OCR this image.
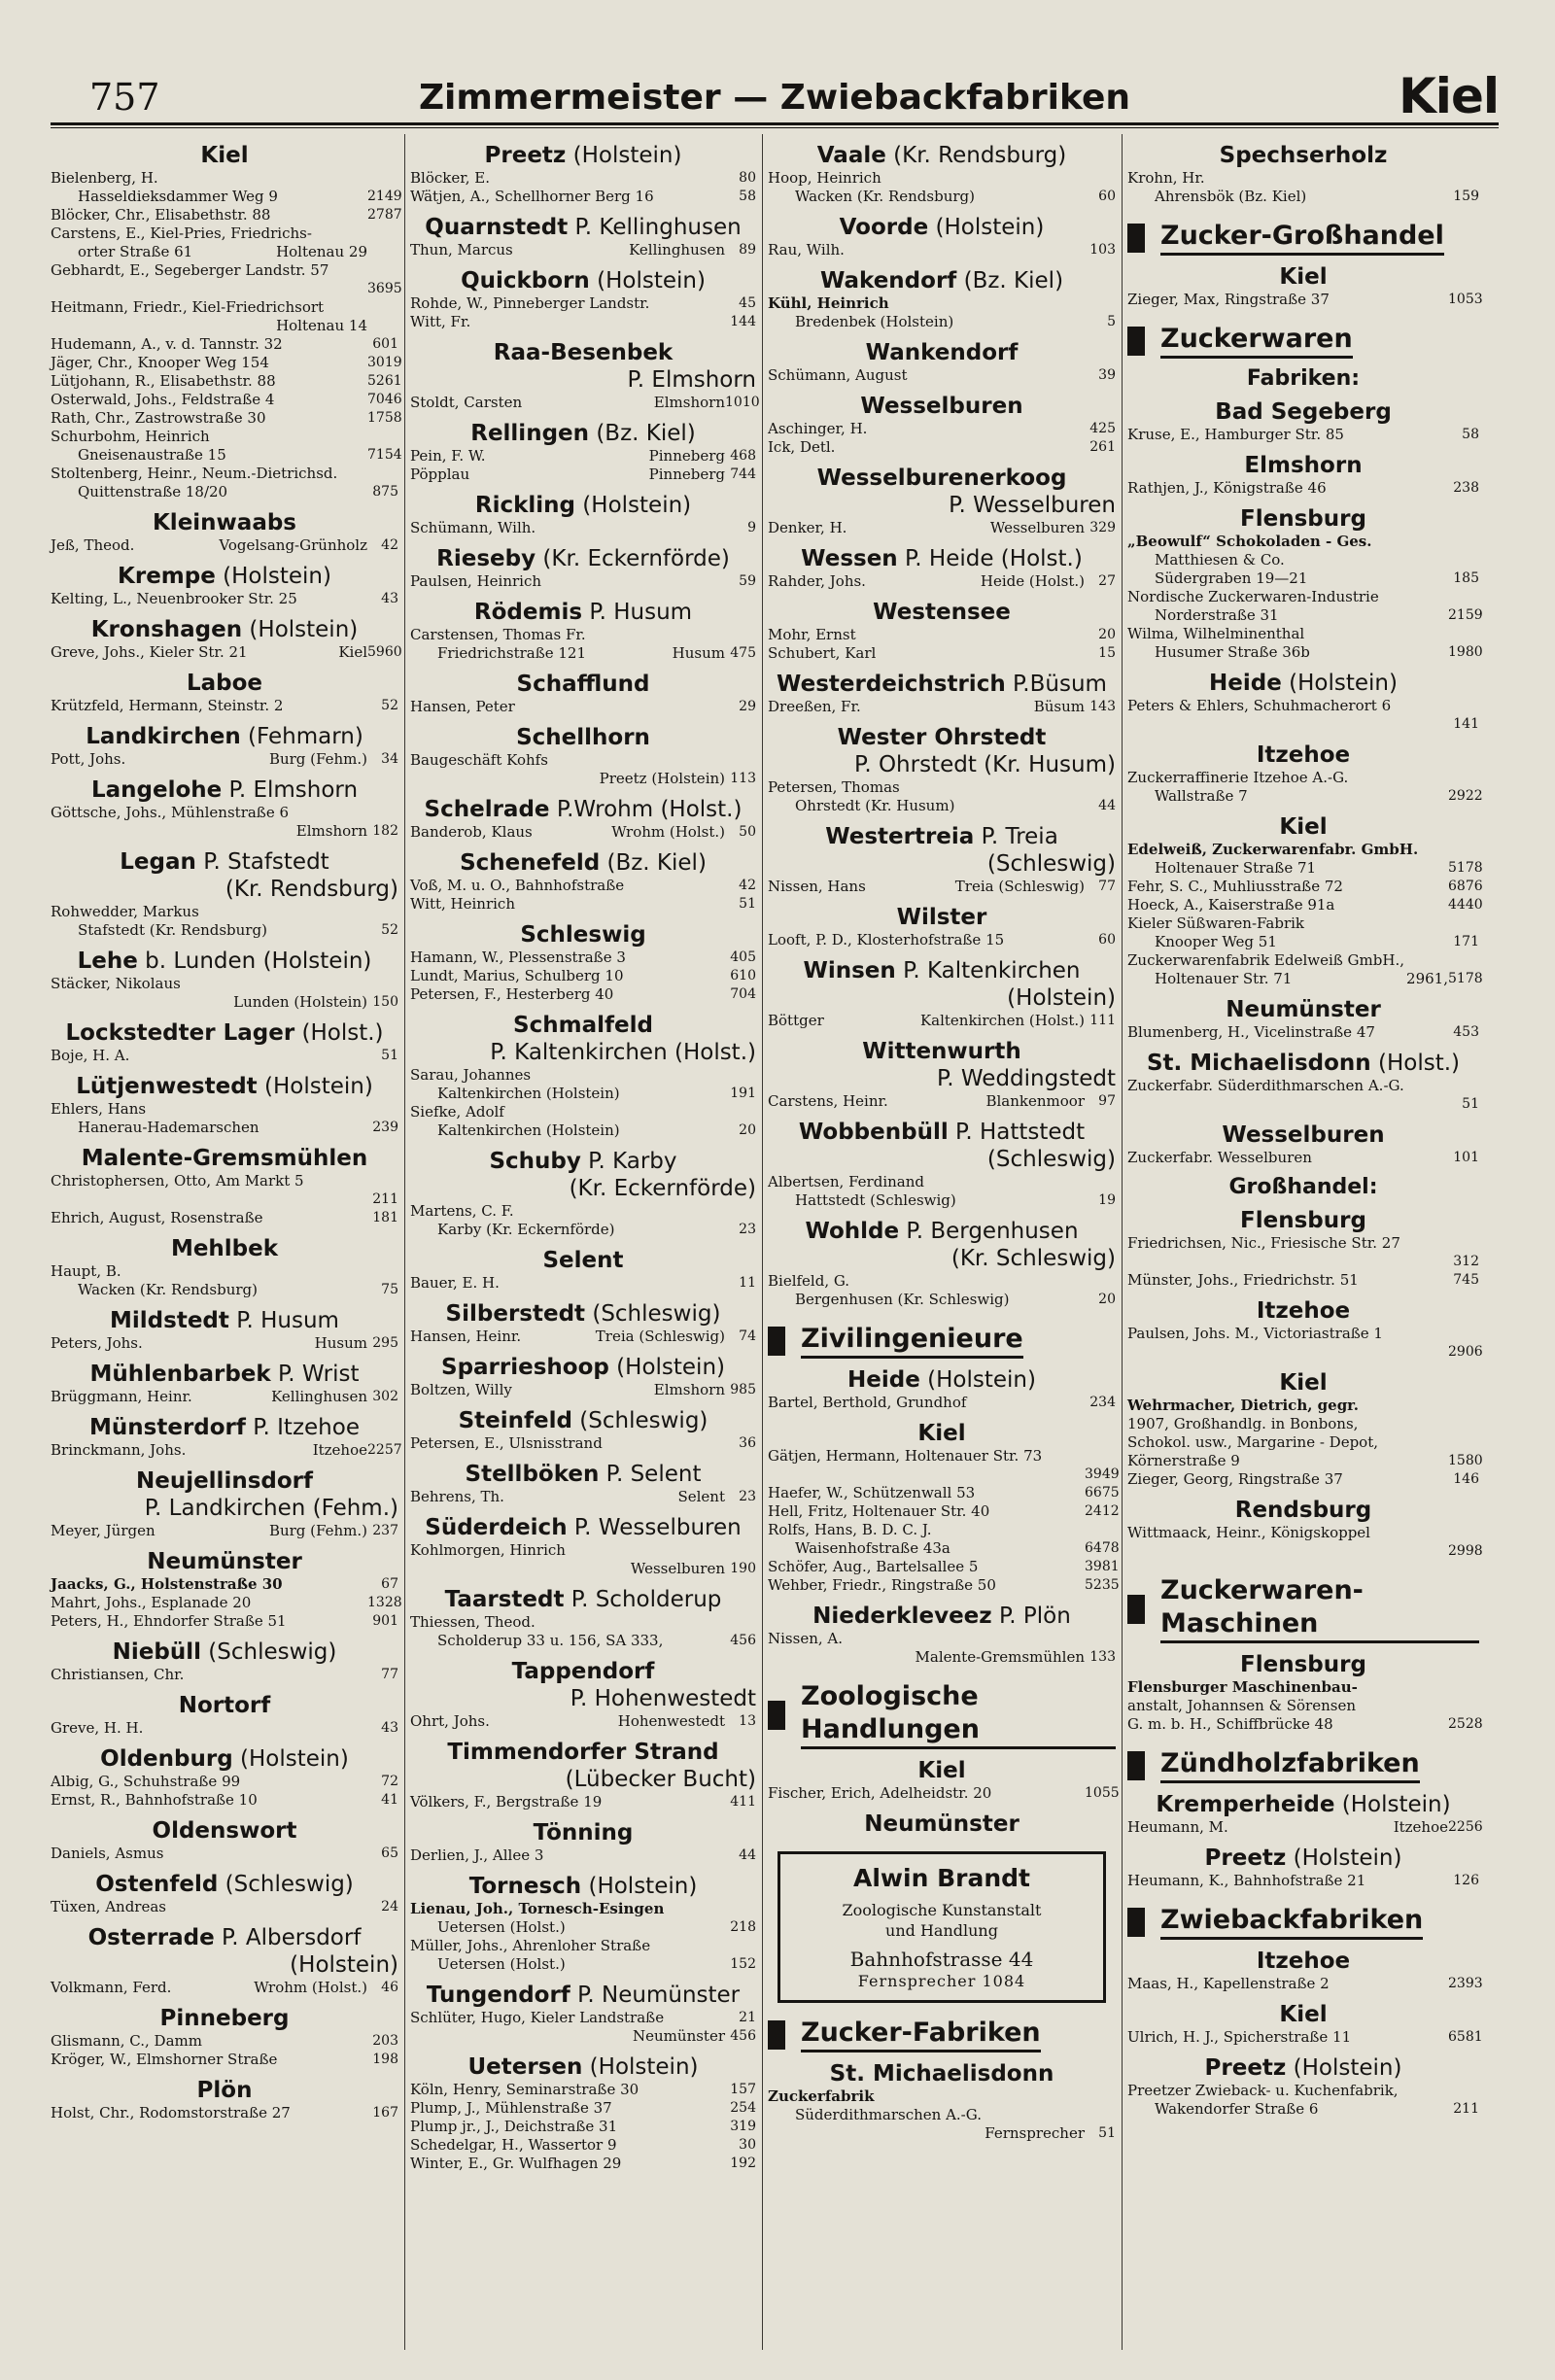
757	Zimmermeister — Zwiebackfabriken	Kiel
Kiel
Bielenberg, H.
Hasseldieksdammer Weg 9	2149
Blöcker, Chr., Elisabethstr. 88	2787
Carstens, E., Kiel-Pries, Friedrichs-
orter Straße 61	Holtenau 29
Gebhardt, E., Segeberger Landstr. 57
3695
Heitmann, Friedr., Kiel-Friedrichsort
Holtenau 14
Hudemann, A., v. d. Tannstr. 32	601
Jäger, Chr., Knooper Weg 154	3019
Lütjohann, R., Elisabethstr. 88	5261
Osterwald, Johs., Feldstraße 4	7046
Rath, Chr., Zastrowstraße 30	1758
Schurbohm, Heinrich
Gneisenaustraße 15	7154
Stoltenberg, Heinr., Neum.-Dietrichsd.
Quittenstraße 18/20	875
Kleinwaabs
Jeß, Theod.	Vogelsang-Grünholz	42
Krempe (Holstein)
Kelting, L., Neuenbrooker Str. 25	43
Kronshagen (Holstein)
Greve, Johs., Kieler Str. 21	Kiel 5960
Laboe
Krützfeld, Hermann, Steinstr. 2	52
Landkirchen (Fehmarn)
Pott, Johs.	Burg (Fehm.)	34
Langelohe P. Elmshorn
Göttsche, Johs., Mühlenstraße 6
Elmshorn 182
Legan P. Stafstedt
(Kr. Rendsburg)
Rohwedder, Markus
Stafstedt (Kr. Rendsburg)	52
Lehe b. Lunden (Holstein)
Stäcker, Nikolaus
Lunden (Holstein) 150
Lockstedter Lager (Holst.)
Boje, H. A.	51
Lütjenwestedt (Holstein)
Ehlers, Hans
Hanerau-Hademarschen	239
Malente-Gremsmühlen
Christophersen, Otto, Am Markt 5
211
Ehrich, August, Rosenstraße	181
Mehlbek
Haupt, B.
Wacken (Kr. Rendsburg)	75
Mildstedt P. Husum
Peters, Johs.	Husum 295
Mühlenbarbek P. Wrist
Brüggmann, Heinr.	Kellinghusen 302
Münsterdorf P. Itzehoe
Brinckmann, Johs.	Itzehoe 2257
Neujellinsdorf
P. Landkirchen (Fehm.)
Meyer, Jürgen	Burg (Fehm.) 237
Neumünster
Jaacks, G., Holstenstraße 30	67
Mahrt, Johs., Esplanade 20	1328
Peters, H., Ehndorfer Straße 51	901
Niebüll (Schleswig)
Christiansen, Chr.	77
Nortorf
Greve, H. H.	43
Oldenburg (Holstein)
Albig, G., Schuhstraße 99	72
Ernst, R., Bahnhofstraße 10	41
Oldenswort
Daniels, Asmus	65
Ostenfeld (Schleswig)
Tüxen, Andreas	24
Osterrade P. Albersdorf
(Holstein)
Volkmann, Ferd.	Wrohm (Holst.)	46
Pinneberg
Glismann, C., Damm	203
Kröger, W., Elmshorner Straße	198
Plön
Holst, Chr., Rodomstorstraße 27	167
Preetz (Holstein)
Blöcker, E.	80
Wätjen, A., Schellhorner Berg 16	58
Quarnstedt P. Kellinghusen
Thun, Marcus	Kellinghusen	89
Quickborn (Holstein)
Rohde, W., Pinneberger Landstr.	45
Witt, Fr.	144
Raa-Besenbek
P. Elmshorn
Stoldt, Carsten	Elmshorn 1010
Rellingen (Bz. Kiel)
Pein, F. W.	Pinneberg 468
Pöpplau	Pinneberg 744
Rickling (Holstein)
Schümann, Wilh.	9
Rieseby (Kr. Eckernförde)
Paulsen, Heinrich	59
Rödemis P. Husum
Carstensen, Thomas Fr.
Friedrichstraße 121	Husum 475
Schafflund
Hansen, Peter	29
Schellhorn
Baugeschäft Kohfs
Preetz (Holstein) 113
Schelrade P.Wrohm (Holst.)
Banderob, Klaus	Wrohm (Holst.)	50
Schenefeld (Bz. Kiel)
Voß, M. u. O., Bahnhofstraße	42
Witt, Heinrich	51
Schleswig
Hamann, W., Plessenstraße 3	405
Lundt, Marius, Schulberg 10	610
Petersen, F., Hesterberg 40	704
Schmalfeld
P. Kaltenkirchen (Holst.)
Sarau, Johannes
Kaltenkirchen (Holstein)	191
Siefke, Adolf
Kaltenkirchen (Holstein)	20
Schuby P. Karby
(Kr. Eckernförde)
Martens, C. F.
Karby (Kr. Eckernförde)	23
Selent
Bauer, E. H.	11
Silberstedt (Schleswig)
Hansen, Heinr.	Treia (Schleswig)	74
Sparrieshoop (Holstein)
Boltzen, Willy	Elmshorn 985
Steinfeld (Schleswig)
Petersen, E., Ulsnisstrand	36
Stellböken P. Selent
Behrens, Th.	Selent	23
Süderdeich P. Wesselburen
Kohlmorgen, Hinrich
Wesselburen 190
Taarstedt P. Scholderup
Thiessen, Theod.
Scholderup 33 u. 156, SA 333,	456
Tappendorf
P. Hohenwestedt
Ohrt, Johs.	Hohenwestedt	13
Timmendorfer Strand
(Lübecker Bucht)
Völkers, F., Bergstraße 19	411
Tönning
Derlien, J., Allee 3	44
Tornesch (Holstein)
Lienau, Joh., Tornesch-Esingen
Uetersen (Holst.)	218
Müller, Johs., Ahrenloher Straße
Uetersen (Holst.)	152
Tungendorf P. Neumünster
Schlüter, Hugo, Kieler Landstraße	21
Neumünster 456
Uetersen (Holstein)
Köln, Henry, Seminarstraße 30	157
Plump, J., Mühlenstraße 37	254
Plump jr., J., Deichstraße 31	319
Schedelgar, H., Wassertor 9	30
Winter, E., Gr. Wulfhagen 29	192
Vaale (Kr. Rendsburg)
Hoop, Heinrich
Wacken (Kr. Rendsburg)	60
Voorde (Holstein)
Rau, Wilh.	103
Wakendorf (Bz. Kiel)
Kühl, Heinrich
Bredenbek (Holstein)	5
Wankendorf
Schümann, August	39
Wesselburen
Aschinger, H.	425
Ick, Detl.	261
Wesselburenerkoog
P. Wesselburen
Denker, H.	Wesselburen 329
Wessen P. Heide (Holst.)
Rahder, Johs.	Heide (Holst.)	27
Westensee
Mohr, Ernst	20
Schubert, Karl	15
Westerdeichstrich P.Büsum
Dreeßen, Fr.	Büsum 143
Wester Ohrstedt
P. Ohrstedt (Kr. Husum)
Petersen, Thomas
Ohrstedt (Kr. Husum)	44
Westertreia P. Treia
(Schleswig)
Nissen, Hans	Treia (Schleswig)	77
Wilster
Looft, P. D., Klosterhofstraße 15	60
Winsen P. Kaltenkirchen
(Holstein)
Böttger	Kaltenkirchen (Holst.) 111
Wittenwurth
P. Weddingstedt
Carstens, Heinr.	Blankenmoor	97
Wobbenbüll P. Hattstedt
(Schleswig)
Albertsen, Ferdinand
Hattstedt (Schleswig)	19
Wohlde P. Bergenhusen
(Kr. Schleswig)
Bielfeld, G.
Bergenhusen (Kr. Schleswig)	20
Zivilingenieure
Heide (Holstein)
Bartel, Berthold, Grundhof	234
Kiel
Gätjen, Hermann, Holtenauer Str. 73
3949
Haefer, W., Schützenwall 53	6675
Hell, Fritz, Holtenauer Str. 40	2412
Rolfs, Hans, B. D. C. J.
Waisenhofstraße 43a	6478
Schöfer, Aug., Bartelsallee 5	3981
Wehber, Friedr., Ringstraße 50	5235
Niederkleveez P. Plön
Nissen, A.
Malente-Gremsmühlen 133
Zoologische Handlungen
Kiel
Fischer, Erich, Adelheidstr. 20	1055
Neumünster
Alwin Brandt
Zoologische Kunstanstalt
und Handlung
Bahnhofstrasse 44
Fernsprecher 1084
Zucker-Fabriken
St. Michaelisdonn
Zuckerfabrik
Süderdithmarschen A.-G.
Fernsprecher	51
Spechserholz
Krohn, Hr.
Ahrensbök (Bz. Kiel)	159
Zucker-Großhandel
Kiel
Zieger, Max, Ringstraße 37	1053
Zuckerwaren
Fabriken:
Bad Segeberg
Kruse, E., Hamburger Str. 85	58
Elmshorn
Rathjen, J., Königstraße 46	238
Flensburg
„Beowulf“ Schokoladen - Ges.
Matthiesen & Co.
Südergraben 19—21	185
Nordische Zuckerwaren-Industrie
Norderstraße 31	2159
Wilma, Wilhelminenthal
Husumer Straße 36b	1980
Heide (Holstein)
Peters & Ehlers, Schuhmacherort 6
141
Itzehoe
Zuckerraffinerie Itzehoe A.-G.
Wallstraße 7	2922
Kiel
Edelweiß, Zuckerwarenfabr. GmbH.
Holtenauer Straße 71	5178
Fehr, S. C., Muhliusstraße 72	6876
Hoeck, A., Kaiserstraße 91a	4440
Kieler Süßwaren-Fabrik
Knooper Weg 51	171
Zuckerwarenfabrik Edelweiß GmbH.,
Holtenauer Str. 71	2961, 5178
Neumünster
Blumenberg, H., Vicelinstraße 47	453
St. Michaelisdonn (Holst.)
Zuckerfabr. Süderdithmarschen A.-G.
51
Wesselburen
Zuckerfabr. Wesselburen	101
Großhandel:
Flensburg
Friedrichsen, Nic., Friesische Str. 27
312
Münster, Johs., Friedrichstr. 51	745
Itzehoe
Paulsen, Johs. M., Victoriastraße 1
2906
Kiel
Wehrmacher, Dietrich, gegr.
1907, Großhandlg. in Bonbons,
Schokol. usw., Margarine - Depot,
Körnerstraße 9	1580
Zieger, Georg, Ringstraße 37	146
Rendsburg
Wittmaack, Heinr., Königskoppel
2998
Zuckerwaren-Maschinen
Flensburg
Flensburger Maschinenbau-
anstalt, Johannsen & Sörensen
G. m. b. H., Schiffbrücke 48	2528
Zündholzfabriken
Kremperheide (Holstein)
Heumann, M.	Itzehoe 2256
Preetz (Holstein)
Heumann, K., Bahnhofstraße 21	126
Zwiebackfabriken
Itzehoe
Maas, H., Kapellenstraße 2	2393
Kiel
Ulrich, H. J., Spicherstraße 11	6581
Preetz (Holstein)
Preetzer Zwieback- u. Kuchenfabrik,
Wakendorfer Straße 6	211
